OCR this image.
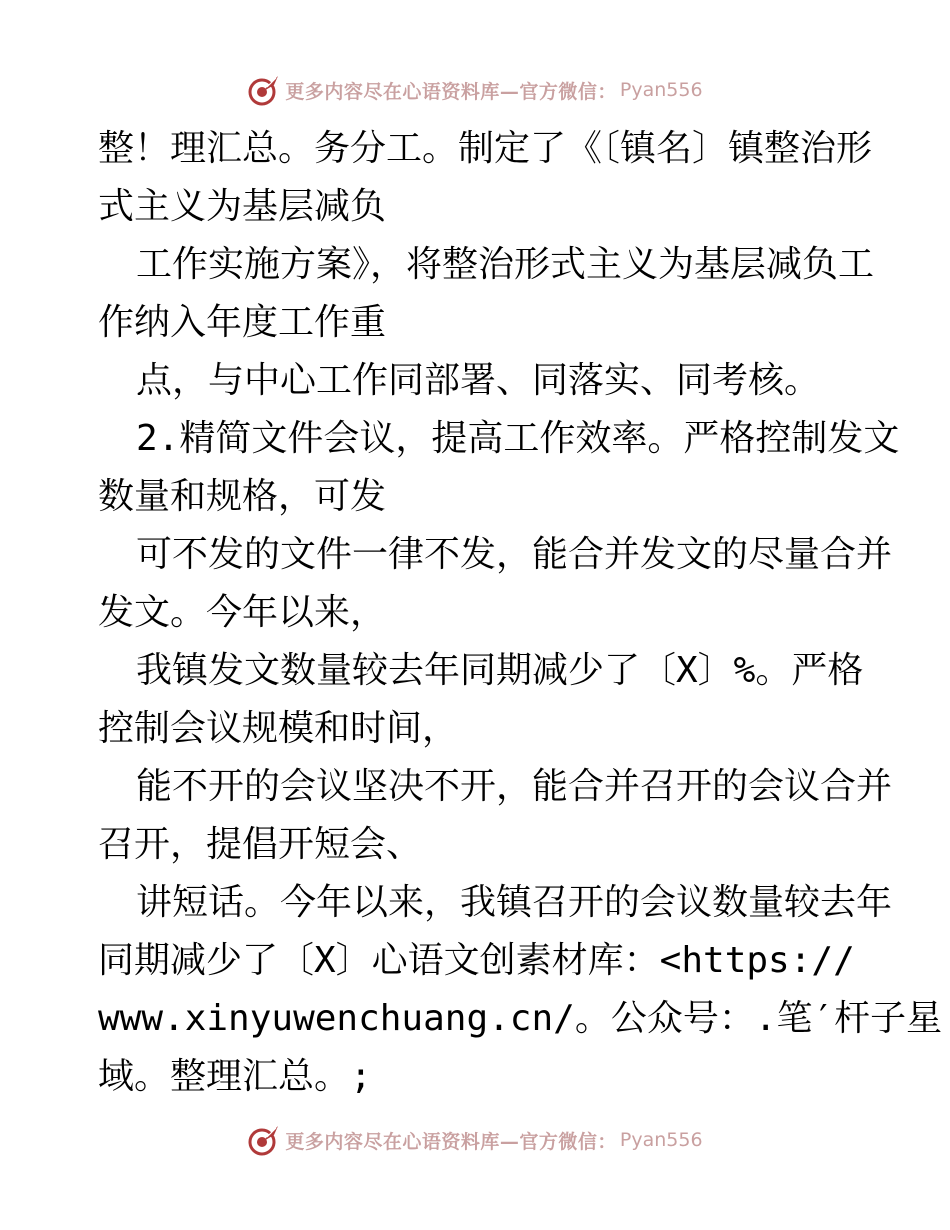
更多内容尽在心语资料库—官方微信： Pyan556
整！理汇总。务分工。制定了《〔镇名〕镇整治形
式主义为基层减负
工作实施方案》，将整治形式主义为基层减负工
作纳入年度工作重
点，与中心工作同部署、同落实、同考核。
2.精简文件会议，提高工作效率。严格控制发文
数量和规格，可发
可不发的文件一律不发，能合并发文的尽量合并
发文。今年以来，
我镇发文数量较去年同期减少了〔X〕%。严格
控制会议规模和时间，
能不开的会议坚决不开，能合并召开的会议合并
召开，提倡开短会、
讲短话。今年以来，我镇召开的会议数量较去年
同期减少了〔X〕心语文创素材库：<https://
www.xinyuwenchuang.cn/。公众号：.笔′杆子星
域。整理汇总。;
更多内容尽在心语资料库—官方微信： Pyan556
